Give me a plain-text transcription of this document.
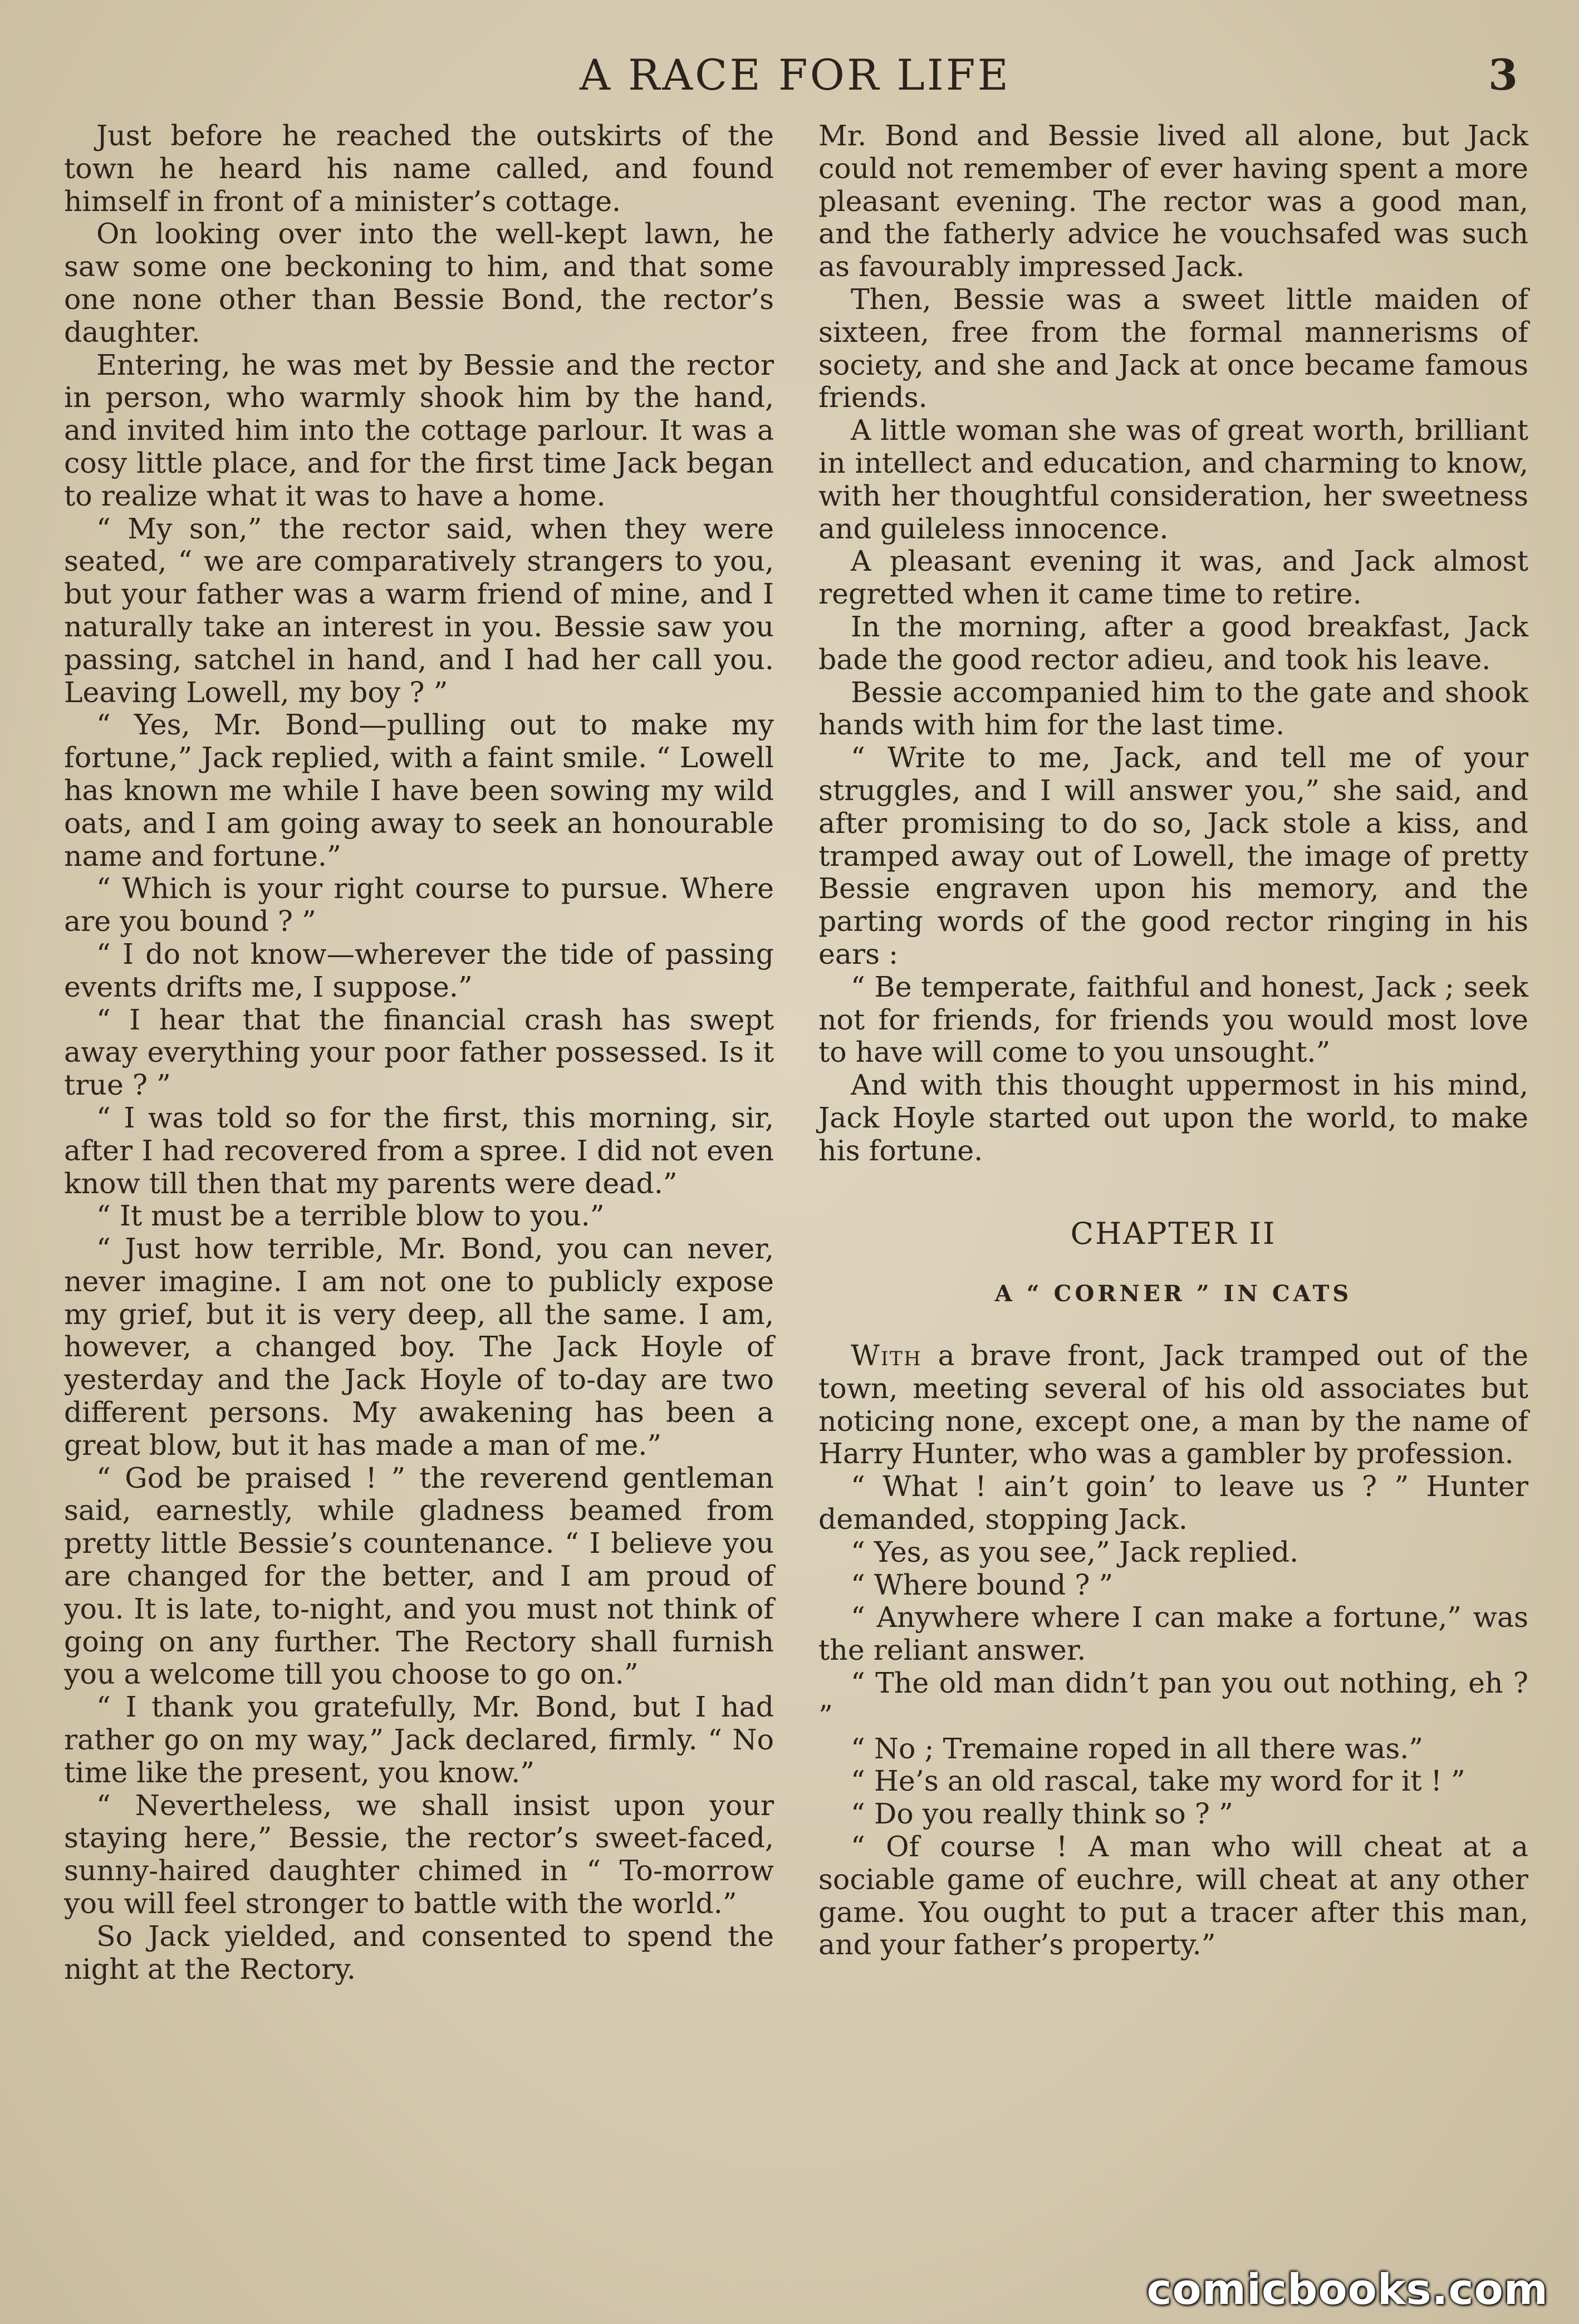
A RACE FOR LIFE	3

Just before he reached the outskirts of the town he heard his name called, and found himself in front of a minister’s cottage.

On looking over into the well-kept lawn, he saw some one beckoning to him, and that some one none other than Bessie Bond, the rector’s daughter.

Entering, he was met by Bessie and the rector in person, who warmly shook him by the hand, and invited him into the cottage parlour. It was a cosy little place, and for the first time Jack began to realize what it was to have a home.

“ My son,” the rector said, when they were seated, “ we are comparatively strangers to you, but your father was a warm friend of mine, and I naturally take an interest in you. Bessie saw you passing, satchel in hand, and I had her call you. Leaving Lowell, my boy ? ”

“ Yes, Mr. Bond—pulling out to make my fortune,” Jack replied, with a faint smile. “ Lowell has known me while I have been sowing my wild oats, and I am going away to seek an honourable name and fortune.”

“ Which is your right course to pursue. Where are you bound ? ”

“ I do not know—wherever the tide of passing events drifts me, I suppose.”

“ I hear that the financial crash has swept away everything your poor father possessed. Is it true ? ”

“ I was told so for the first, this morning, sir, after I had recovered from a spree. I did not even know till then that my parents were dead.”

“ It must be a terrible blow to you.”

“ Just how terrible, Mr. Bond, you can never, never imagine. I am not one to publicly expose my grief, but it is very deep, all the same. I am, however, a changed boy. The Jack Hoyle of yesterday and the Jack Hoyle of to-day are two different persons. My awakening has been a great blow, but it has made a man of me.”

“ God be praised ! ” the reverend gentleman said, earnestly, while gladness beamed from pretty little Bessie’s countenance. “ I believe you are changed for the better, and I am proud of you. It is late, to-night, and you must not think of going on any further. The Rectory shall furnish you a welcome till you choose to go on.”

“ I thank you gratefully, Mr. Bond, but I had rather go on my way,” Jack declared, firmly. “ No time like the present, you know.”

“ Nevertheless, we shall insist upon your staying here,” Bessie, the rector’s sweet-faced, sunny-haired daughter chimed in “ To-morrow you will feel stronger to battle with the world.”

So Jack yielded, and consented to spend the night at the Rectory.

Mr. Bond and Bessie lived all alone, but Jack could not remember of ever having spent a more pleasant evening. The rector was a good man, and the fatherly advice he vouchsafed was such as favourably impressed Jack.

Then, Bessie was a sweet little maiden of sixteen, free from the formal mannerisms of society, and she and Jack at once became famous friends.

A little woman she was of great worth, brilliant in intellect and education, and charming to know, with her thoughtful consideration, her sweetness and guileless innocence.

A pleasant evening it was, and Jack almost regretted when it came time to retire.

In the morning, after a good breakfast, Jack bade the good rector adieu, and took his leave.

Bessie accompanied him to the gate and shook hands with him for the last time.

“ Write to me, Jack, and tell me of your struggles, and I will answer you,” she said, and after promising to do so, Jack stole a kiss, and tramped away out of Lowell, the image of pretty Bessie engraven upon his memory, and the parting words of the good rector ringing in his ears :

“ Be temperate, faithful and honest, Jack ; seek not for friends, for friends you would most love to have will come to you unsought.”

And with this thought uppermost in his mind, Jack Hoyle started out upon the world, to make his fortune.

CHAPTER II
A “ CORNER ” IN CATS

With a brave front, Jack tramped out of the town, meeting several of his old associates but noticing none, except one, a man by the name of Harry Hunter, who was a gambler by profession.

“ What ! ain’t goin’ to leave us ? ” Hunter demanded, stopping Jack.

“ Yes, as you see,” Jack replied.

“ Where bound ? ”

“ Anywhere where I can make a fortune,” was the reliant answer.

“ The old man didn’t pan you out nothing, eh ? ”

“ No ; Tremaine roped in all there was.”

“ He’s an old rascal, take my word for it ! ”

“ Do you really think so ? ”

“ Of course ! A man who will cheat at a sociable game of euchre, will cheat at any other game. You ought to put a tracer after this man, and your father’s property.”

comicbooks.com
